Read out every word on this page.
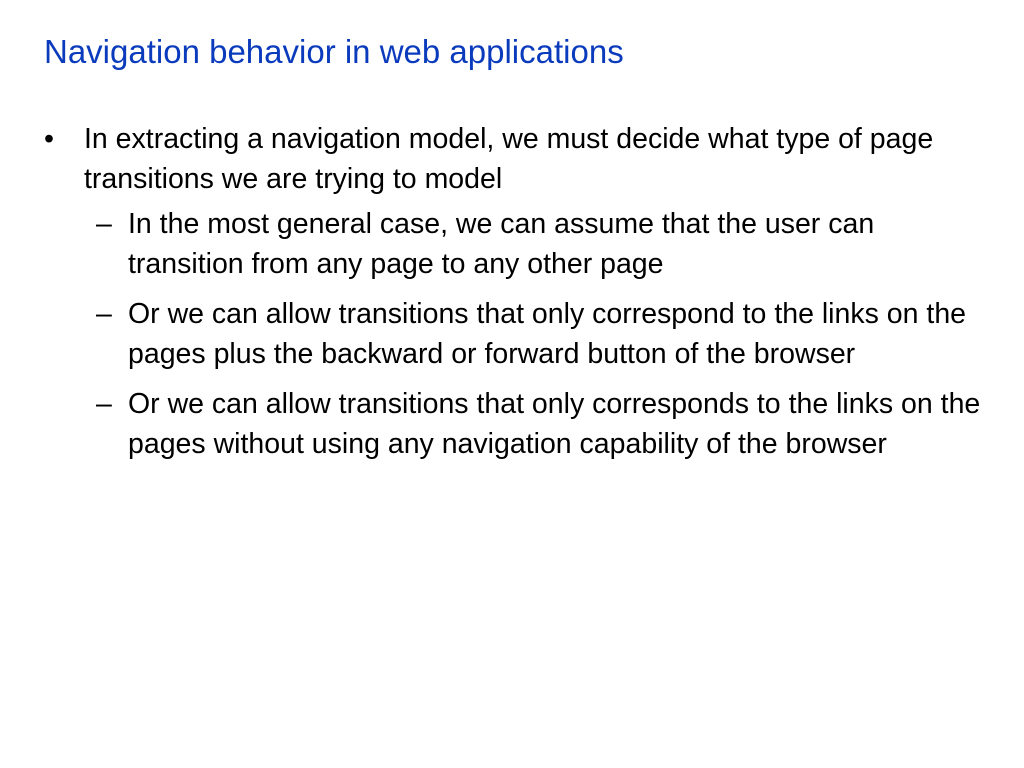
Navigation behavior in web applications
• In extracting a navigation model, we must decide what type of page transitions we are trying to model
– In the most general case, we can assume that the user can transition from any page to any other page
– Or we can allow transitions that only correspond to the links on the pages plus the backward or forward button of the browser
– Or we can allow transitions that only corresponds to the links on the pages without using any navigation capability of the browser
